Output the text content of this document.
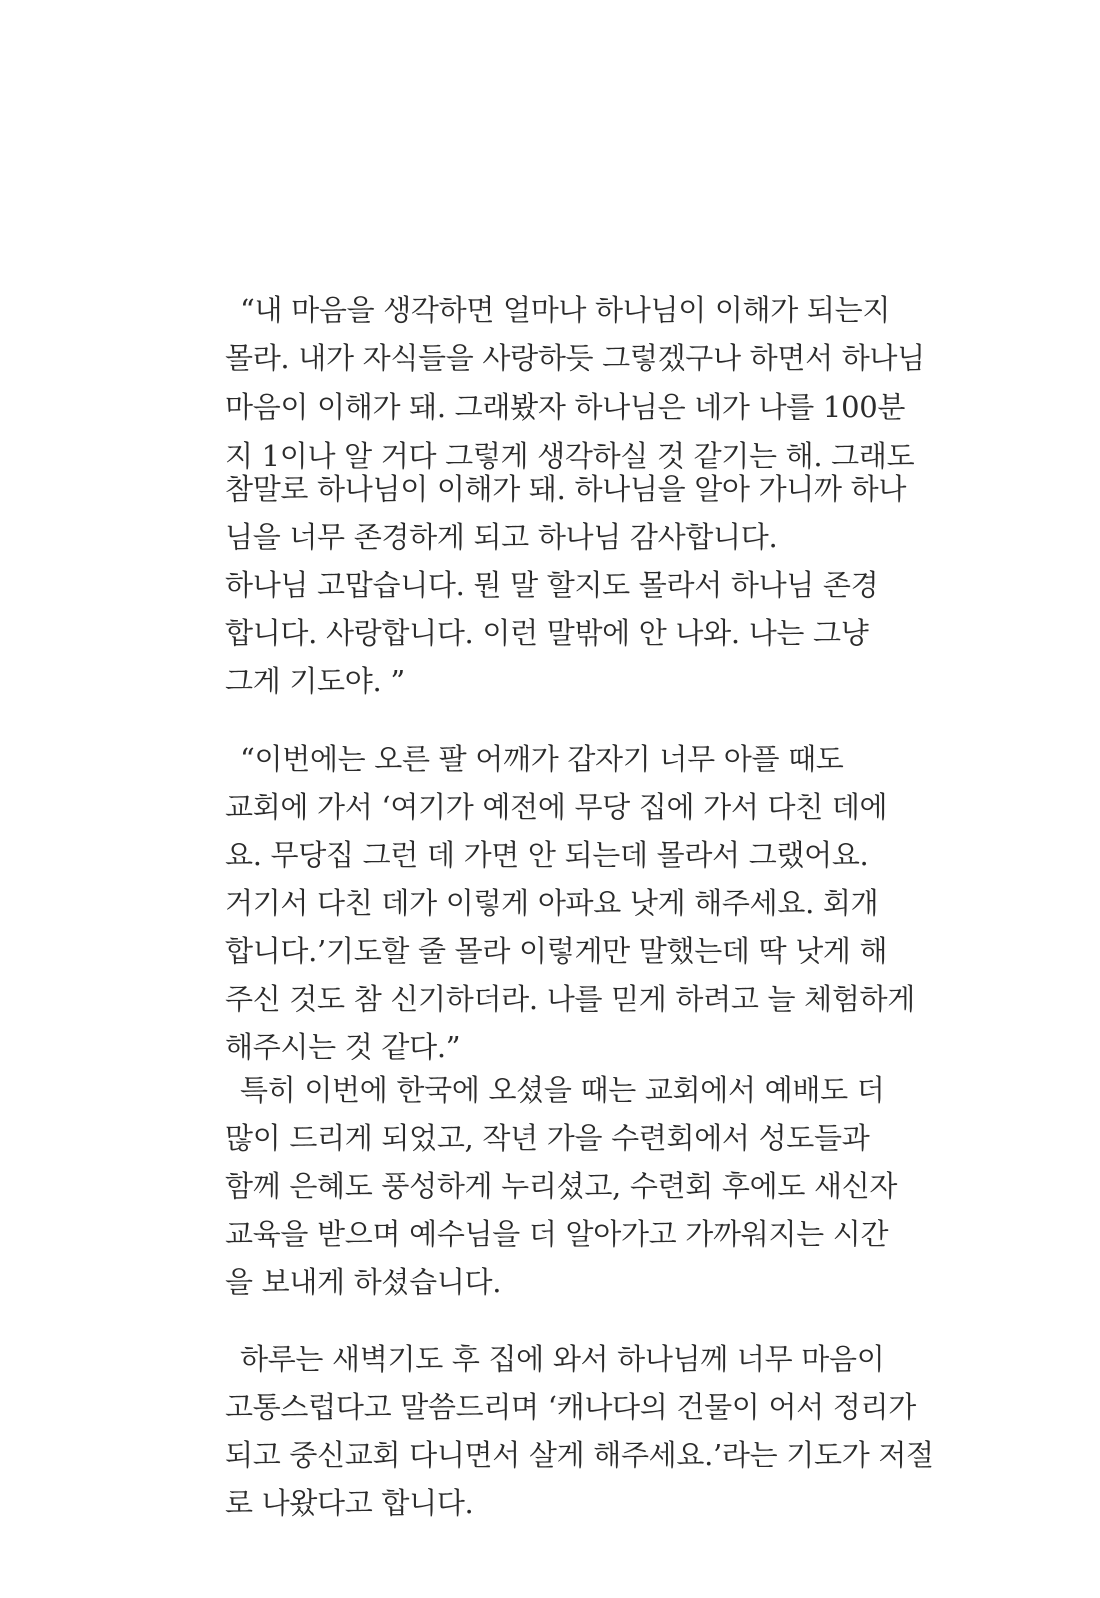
“내 마음을 생각하면 얼마나 하나님이 이해가 되는지
몰라. 내가 자식들을 사랑하듯 그렇겠구나 하면서 하나님
마음이 이해가 돼. 그래봤자 하나님은 네가 나를 100분
지 1이나 알 거다 그렇게 생각하실 것 같기는 해. 그래도
참말로 하나님이 이해가 돼. 하나님을 알아 가니까 하나
님을 너무 존경하게 되고 하나님 감사합니다.
하나님 고맙습니다. 뭔 말 할지도 몰라서 하나님 존경
합니다. 사랑합니다. 이런 말밖에 안 나와. 나는 그냥
그게 기도야. ”
“이번에는 오른 팔 어깨가 갑자기 너무 아플 때도
교회에 가서 ‘여기가 예전에 무당 집에 가서 다친 데에
요. 무당집 그런 데 가면 안 되는데 몰라서 그랬어요.
거기서 다친 데가 이렇게 아파요 낫게 해주세요. 회개
합니다.’기도할 줄 몰라 이렇게만 말했는데 딱 낫게 해
주신 것도 참 신기하더라. 나를 믿게 하려고 늘 체험하게
해주시는 것 같다.”
특히 이번에 한국에 오셨을 때는 교회에서 예배도 더
많이 드리게 되었고, 작년 가을 수련회에서 성도들과
함께 은혜도 풍성하게 누리셨고, 수련회 후에도 새신자
교육을 받으며 예수님을 더 알아가고 가까워지는 시간
을 보내게 하셨습니다.
하루는 새벽기도 후 집에 와서 하나님께 너무 마음이
고통스럽다고 말씀드리며 ‘캐나다의 건물이 어서 정리가
되고 중신교회 다니면서 살게 해주세요.’라는 기도가 저절
로 나왔다고 합니다.
